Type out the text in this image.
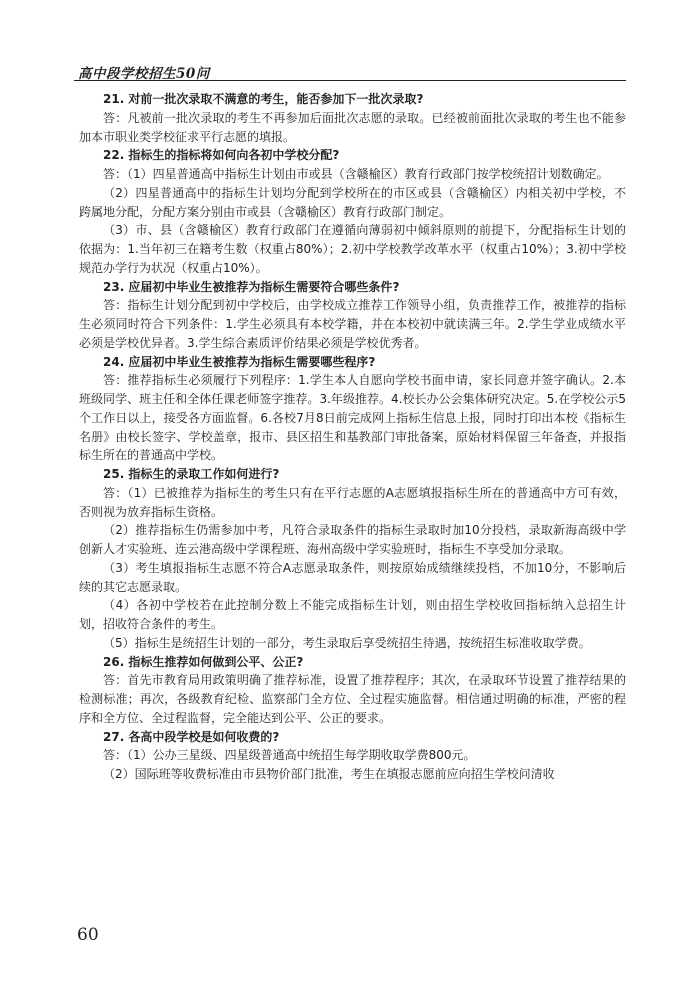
高中段学校招生50问

21. 对前一批次录取不满意的考生，能否参加下一批次录取?

答：凡被前一批次录取的考生不再参加后面批次志愿的录取。已经被前面批次录取的考生也不能参加本市职业类学校征求平行志愿的填报。

22. 指标生的指标将如何向各初中学校分配?

答：（1）四星普通高中指标生计划由市或县（含赣榆区）教育行政部门按学校统招计划数确定。

（2）四星普通高中的指标生计划均分配到学校所在的市区或县（含赣榆区）内相关初中学校，不跨属地分配，分配方案分别由市或县（含赣榆区）教育行政部门制定。

（3）市、县（含赣榆区）教育行政部门在遵循向薄弱初中倾斜原则的前提下，分配指标生计划的依据为：1.当年初三在籍考生数（权重占80%）；2.初中学校教学改革水平（权重占10%）；3.初中学校规范办学行为状况（权重占10%）。

23. 应届初中毕业生被推荐为指标生需要符合哪些条件?

答：指标生计划分配到初中学校后，由学校成立推荐工作领导小组，负责推荐工作，被推荐的指标生必须同时符合下列条件：1.学生必须具有本校学籍，并在本校初中就读满三年。2.学生学业成绩水平必须是学校优异者。3.学生综合素质评价结果必须是学校优秀者。

24. 应届初中毕业生被推荐为指标生需要哪些程序?

答：推荐指标生必须履行下列程序：1.学生本人自愿向学校书面申请，家长同意并签字确认。2.本班级同学、班主任和全体任课老师签字推荐。3.年级推荐。4.校长办公会集体研究决定。5.在学校公示5个工作日以上，接受各方面监督。6.各校7月8日前完成网上指标生信息上报，同时打印出本校《指标生名册》由校长签字、学校盖章，报市、县区招生和基教部门审批备案，原始材料保留三年备查，并报指标生所在的普通高中学校。

25. 指标生的录取工作如何进行?

答：（1）已被推荐为指标生的考生只有在平行志愿的A志愿填报指标生所在的普通高中方可有效，否则视为放弃指标生资格。

（2）推荐指标生仍需参加中考，凡符合录取条件的指标生录取时加10分投档，录取新海高级中学创新人才实验班、连云港高级中学课程班、海州高级中学实验班时，指标生不享受加分录取。

（3）考生填报指标生志愿不符合A志愿录取条件，则按原始成绩继续投档，不加10分，不影响后续的其它志愿录取。

（4）各初中学校若在此控制分数上不能完成指标生计划，则由招生学校收回指标纳入总招生计划，招收符合条件的考生。

（5）指标生是统招生计划的一部分，考生录取后享受统招生待遇，按统招生标准收取学费。

26. 指标生推荐如何做到公平、公正?

答：首先市教育局用政策明确了推荐标准，设置了推荐程序；其次，在录取环节设置了推荐结果的检测标准；再次，各级教育纪检、监察部门全方位、全过程实施监督。相信通过明确的标准，严密的程序和全方位、全过程监督，完全能达到公平、公正的要求。

27. 各高中段学校是如何收费的?

答：（1）公办三星级、四星级普通高中统招生每学期收取学费800元。

（2）国际班等收费标准由市县物价部门批准，考生在填报志愿前应向招生学校问清收

60
